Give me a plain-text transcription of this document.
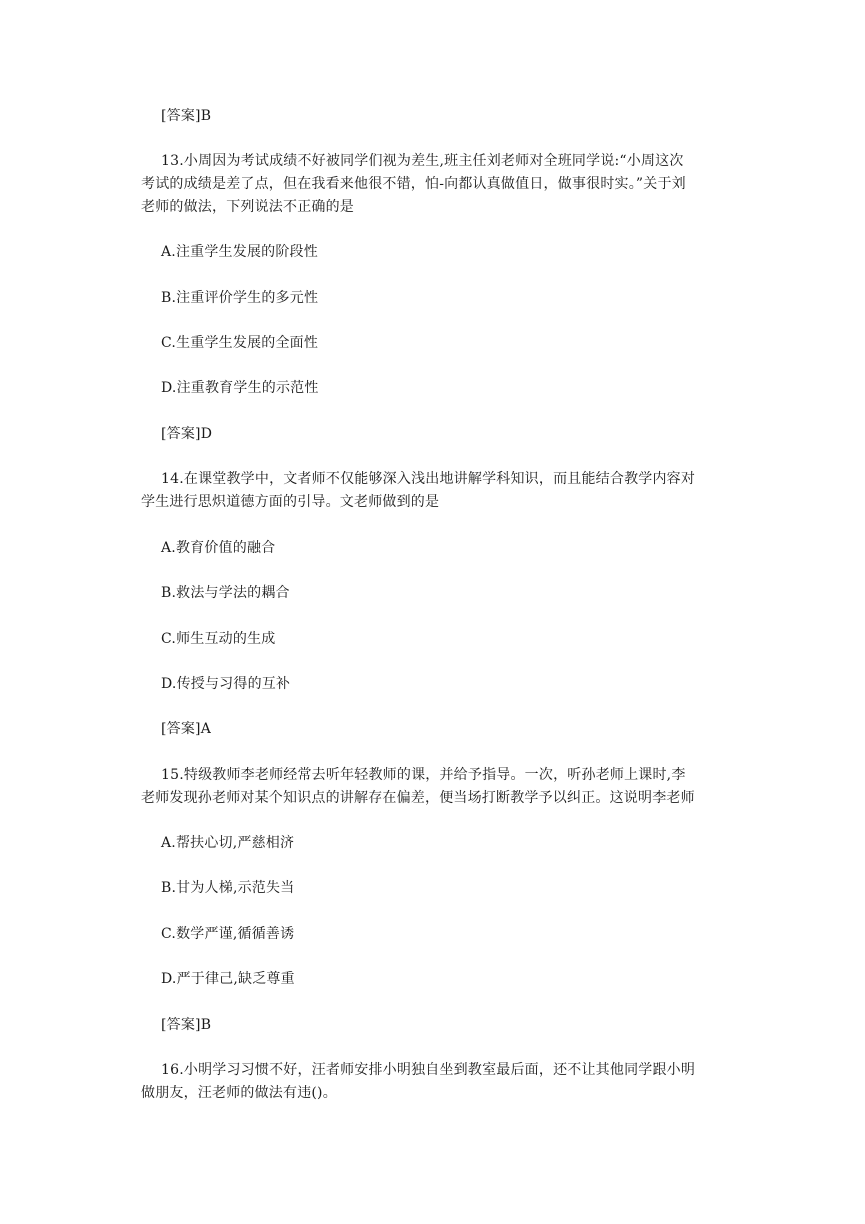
[答案]B
13.小周因为考试成绩不好被同学们视为差生,班主任刘老师对全班同学说:“小周这次
考试的成绩是差了点，但在我看来他很不错，怕-向都认真做值日，做事很时实。”关于刘
老师的做法，下列说法不正确的是
A.注重学生发展的阶段性
B.注重评价学生的多元性
C.生重学生发展的全面性
D.注重教育学生的示范性
[答案]D
14.在课堂教学中，文者师不仅能够深入浅出地讲解学科知识，而且能结合教学内容对
学生进行思炽道德方面的引导。文老师做到的是
A.教育价值的融合
B.救法与学法的耦合
C.师生互动的生成
D.传授与习得的互补
[答案]A
15.特级教师李老师经常去听年轻教师的课，并给予指导。一次，听孙老师上课时,李
老师发现孙老师对某个知识点的讲解存在偏差，便当场打断教学予以纠正。这说明李老师
A.帮扶心切,严慈相济
B.甘为人梯,示范失当
C.数学严谨,循循善诱
D.严于律己,缺乏尊重
[答案]B
16.小明学习习惯不好，汪者师安排小明独自坐到教室最后面，还不让其他同学跟小明
做朋友，汪老师的做法有违()。
